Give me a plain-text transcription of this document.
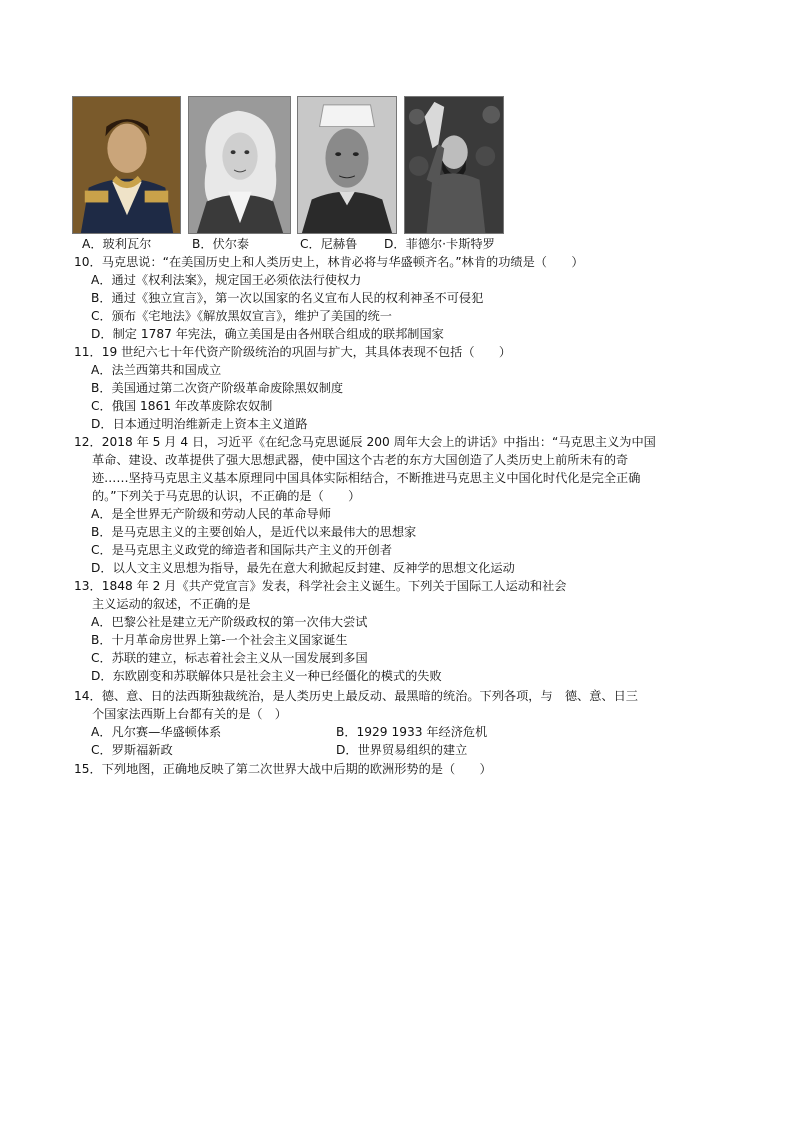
A．玻利瓦尔	B．伏尔泰	C．尼赫鲁 D．菲德尔·卡斯特罗
10．马克思说：“在美国历史上和人类历史上，林肯必将与华盛顿齐名。”林肯的功绩是（　　）
A．通过《权利法案》，规定国王必须依法行使权力
B．通过《独立宣言》，第一次以国家的名义宣布人民的权利神圣不可侵犯
C．颁布《宅地法》《解放黑奴宣言》，维护了美国的统一
D．制定 1787 年宪法，确立美国是由各州联合组成的联邦制国家
11．19 世纪六七十年代资产阶级统治的巩固与扩大，其具体表现不包括（　　）
A．法兰西第共和国成立
B．美国通过第二次资产阶级革命废除黑奴制度
C．俄国 1861 年改革废除农奴制
D．日本通过明治维新走上资本主义道路
12．2018 年 5 月 4 日，习近平《在纪念马克思诞辰 200 周年大会上的讲话》中指出：“马克思主义为中国
革命、建设、改革提供了强大思想武器，使中国这个古老的东方大国创造了人类历史上前所未有的奇
迹……坚持马克思主义基本原理同中国具体实际相结合，不断推进马克思主义中国化时代化是完全正确
的。”下列关于马克思的认识，不正确的是（　　）
A．是全世界无产阶级和劳动人民的革命导师
B．是马克思主义的主要创始人，是近代以来最伟大的思想家
C．是马克思主义政党的缔造者和国际共产主义的开创者
D．以人文主义思想为指导，最先在意大利掀起反封建、反神学的思想文化运动
13．1848 年 2 月《共产党宣言》发表，科学社会主义诞生。下列关于国际工人运动和社会
主义运动的叙述，不正确的是
A．巴黎公社是建立无产阶级政权的第一次伟大尝试
B．十月革命房世界上第-一个社会主义国家诞生
C．苏联的建立，标志着社会主义从一国发展到多国
D．东欧剧变和苏联解体只是社会主义一种已经僵化的模式的失败
14．德、意、日的法西斯独裁统治，是人类历史上最反动、最黑暗的统治。下列各项，与　德、意、日三
个国家法西斯上台都有关的是（　）
A．凡尔赛—华盛顿体系	B．1929 1933 年经济危机
C．罗斯福新政	D．世界贸易组织的建立
15．下列地图，正确地反映了第二次世界大战中后期的欧洲形势的是（　　）
